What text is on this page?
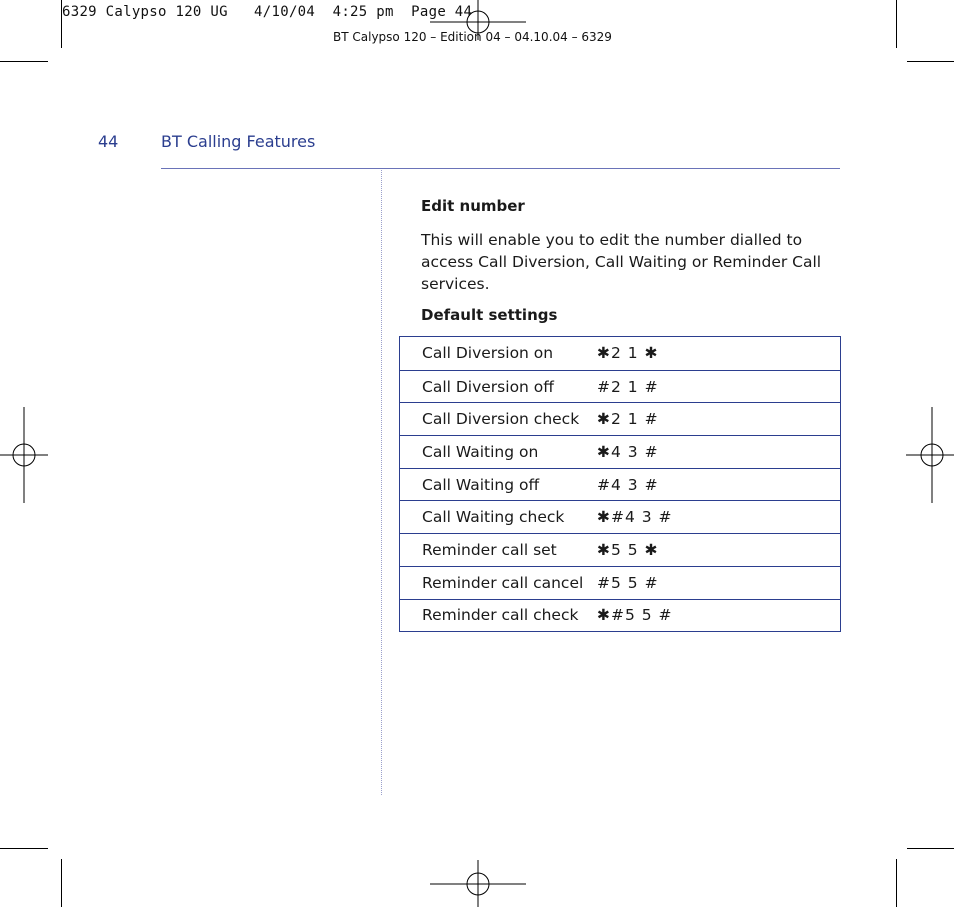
6329 Calypso 120 UG   4/10/04  4:25 pm  Page 44
BT Calypso 120 – Edition 04 – 04.10.04 – 6329
44	BT Calling Features
Edit number
This will enable you to edit the number dialled to access Call Diversion, Call Waiting or Reminder Call services.
Default settings
Call Diversion on	✱2 1 ✱
Call Diversion off	#2 1 #
Call Diversion check	✱2 1 #
Call Waiting on	✱4 3 #
Call Waiting off	#4 3 #
Call Waiting check	✱#4 3 #
Reminder call set	✱5 5 ✱
Reminder call cancel #5 5 #
Reminder call check	✱#5 5 #
